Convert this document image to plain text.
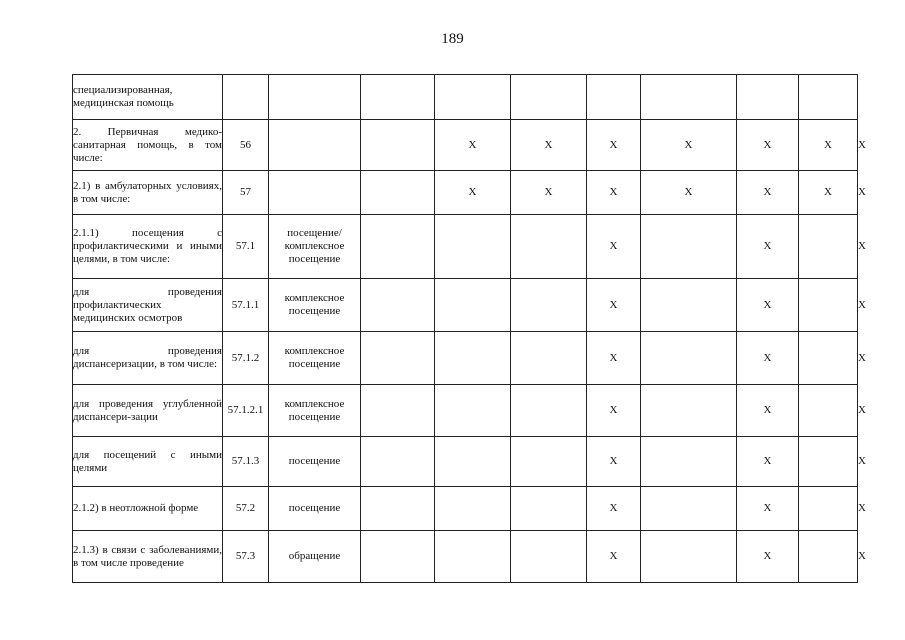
189
специализированная, медицинская помощь										
2. Первичная медико-санитарная помощь, в том числе:	56			X	X	X	X	X	X	X
2.1) в амбулаторных условиях, в том числе:	57			X	X	X	X	X	X	X
2.1.1) посещения с профилактическими и иными целями, в том числе:	57.1	посещение/ комплексное посещение				X		X		X
для проведения профилактических медицинских осмотров	57.1.1	комплексное посещение				X		X		X
для проведения диспансеризации, в том числе:	57.1.2	комплексное посещение				X		X		X
для проведения углубленной диспансери-зации	57.1.2.1	комплексное посещение				X		X		X
для посещений с иными целями	57.1.3	посещение				X		X		X
2.1.2) в неотложной форме	57.2	посещение				X		X		X
2.1.3) в связи с заболеваниями, в том числе проведение	57.3	обращение				X		X		X
